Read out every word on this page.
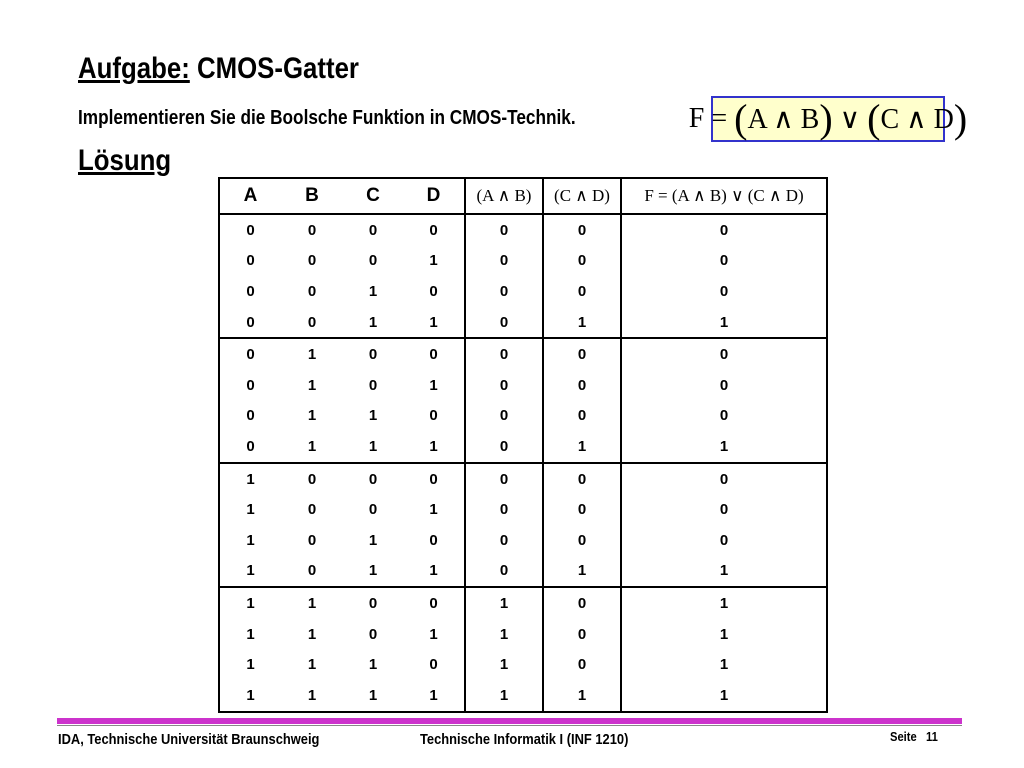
Aufgabe: CMOS-Gatter
Implementieren Sie die Boolsche Funktion in CMOS-Technik.
Lösung
F
=
( A ∧ B )
∨
( C ∧ D )
A	B	C	D	(A ∧ B)	(C ∧ D)	F = (A ∧ B) ∨ (C ∧ D)
0	0	0	0	0	0	0
0	0	0	1	0	0	0
0	0	1	0	0	0	0
0	0	1	1	0	1	1
0	1	0	0	0	0	0
0	1	0	1	0	0	0
0	1	1	0	0	0	0
0	1	1	1	0	1	1
1	0	0	0	0	0	0
1	0	0	1	0	0	0
1	0	1	0	0	0	0
1	0	1	1	0	1	1
1	1	0	0	1	0	1
1	1	0	1	1	0	1
1	1	1	0	1	0	1
1	1	1	1	1	1	1
IDA, Technische Universität Braunschweig	Technische Informatik I (INF 1210)	Seite 11
